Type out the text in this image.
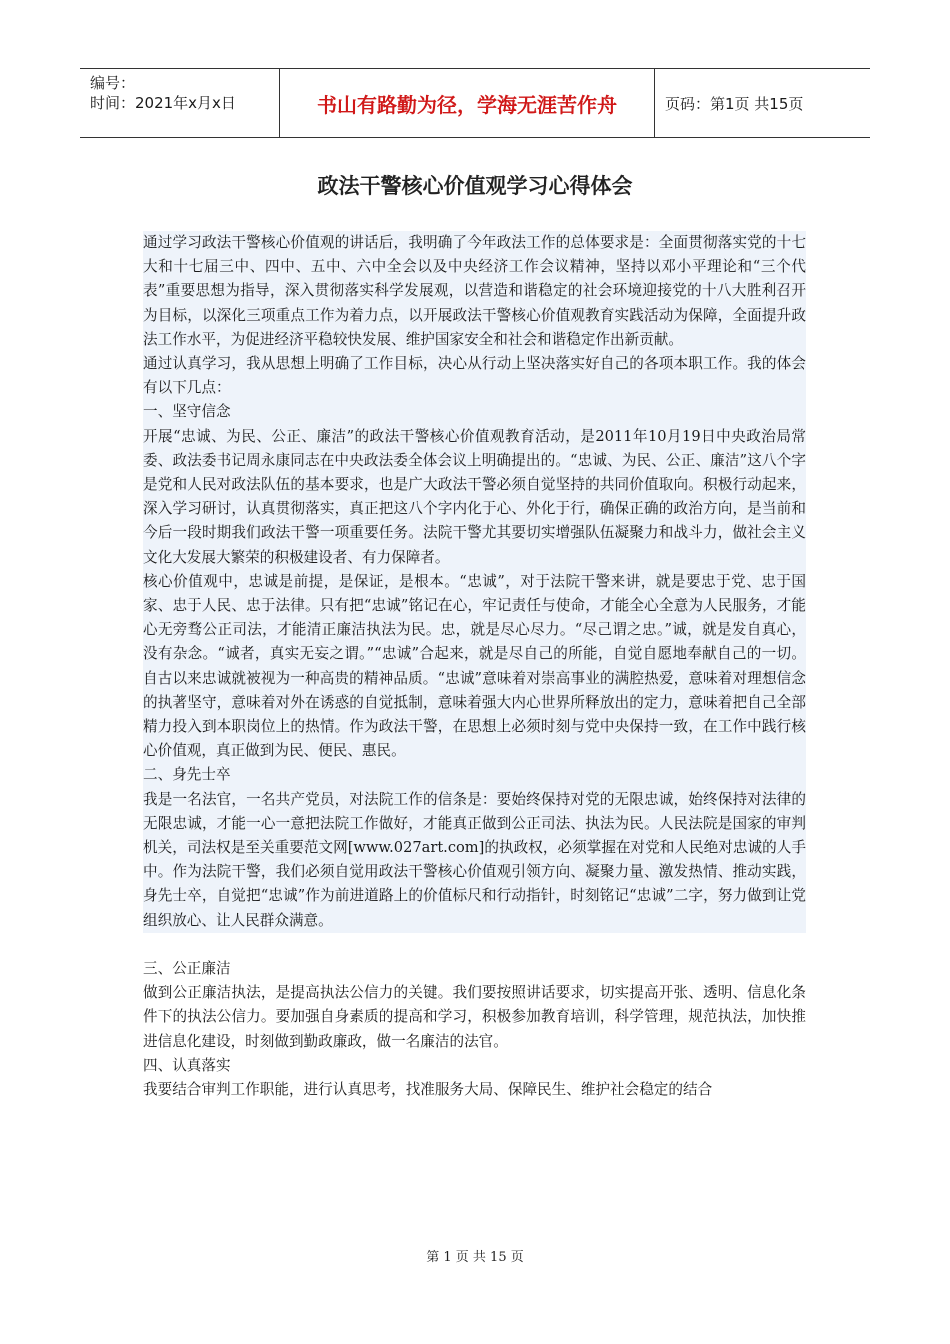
编号：
时间：2021年x月x日	书山有路勤为径，学海无涯苦作舟	页码：第1页 共15页
政法干警核心价值观学习心得体会

通过学习政法干警核心价值观的讲话后，我明确了今年政法工作的总体要求是：全面贯彻落实党的十七大和十七届三中、四中、五中、六中全会以及中央经济工作会议精神，坚持以邓小平理论和“三个代表”重要思想为指导，深入贯彻落实科学发展观，以营造和谐稳定的社会环境迎接党的十八大胜利召开为目标，以深化三项重点工作为着力点，以开展政法干警核心价值观教育实践活动为保障，全面提升政法工作水平，为促进经济平稳较快发展、维护国家安全和社会和谐稳定作出新贡献。

通过认真学习，我从思想上明确了工作目标，决心从行动上坚决落实好自己的各项本职工作。我的体会有以下几点：

一、坚守信念

开展“忠诚、为民、公正、廉洁”的政法干警核心价值观教育活动，是2011年10月19日中央政治局常委、政法委书记周永康同志在中央政法委全体会议上明确提出的。“忠诚、为民、公正、廉洁”这八个字是党和人民对政法队伍的基本要求，也是广大政法干警必须自觉坚持的共同价值取向。积极行动起来，深入学习研讨，认真贯彻落实，真正把这八个字内化于心、外化于行，确保正确的政治方向，是当前和今后一段时期我们政法干警一项重要任务。法院干警尤其要切实增强队伍凝聚力和战斗力，做社会主义文化大发展大繁荣的积极建设者、有力保障者。

核心价值观中，忠诚是前提，是保证，是根本。“忠诚”，对于法院干警来讲，就是要忠于党、忠于国家、忠于人民、忠于法律。只有把“忠诚”铭记在心，牢记责任与使命，才能全心全意为人民服务，才能心无旁骛公正司法，才能清正廉洁执法为民。忠，就是尽心尽力。“尽己谓之忠。”诚，就是发自真心，没有杂念。“诚者，真实无妄之谓。”“忠诚”合起来，就是尽自己的所能，自觉自愿地奉献自己的一切。自古以来忠诚就被视为一种高贵的精神品质。“忠诚”意味着对崇高事业的满腔热爱，意味着对理想信念的执著坚守，意味着对外在诱惑的自觉抵制，意味着强大内心世界所释放出的定力，意味着把自己全部精力投入到本职岗位上的热情。作为政法干警，在思想上必须时刻与党中央保持一致，在工作中践行核心价值观，真正做到为民、便民、惠民。

二、身先士卒

我是一名法官，一名共产党员，对法院工作的信条是：要始终保持对党的无限忠诚，始终保持对法律的无限忠诚，才能一心一意把法院工作做好，才能真正做到公正司法、执法为民。人民法院是国家的审判机关，司法权是至关重要范文网[www.027art.com]的执政权，必须掌握在对党和人民绝对忠诚的人手中。作为法院干警，我们必须自觉用政法干警核心价值观引领方向、凝聚力量、激发热情、推动实践，身先士卒，自觉把“忠诚”作为前进道路上的价值标尺和行动指针，时刻铭记“忠诚”二字，努力做到让党组织放心、让人民群众满意。

三、公正廉洁

做到公正廉洁执法，是提高执法公信力的关键。我们要按照讲话要求，切实提高开张、透明、信息化条件下的执法公信力。要加强自身素质的提高和学习，积极参加教育培训，科学管理，规范执法，加快推进信息化建设，时刻做到勤政廉政，做一名廉洁的法官。

四、认真落实

我要结合审判工作职能，进行认真思考，找准服务大局、保障民生、维护社会稳定的结合

第 1 页 共 15 页
